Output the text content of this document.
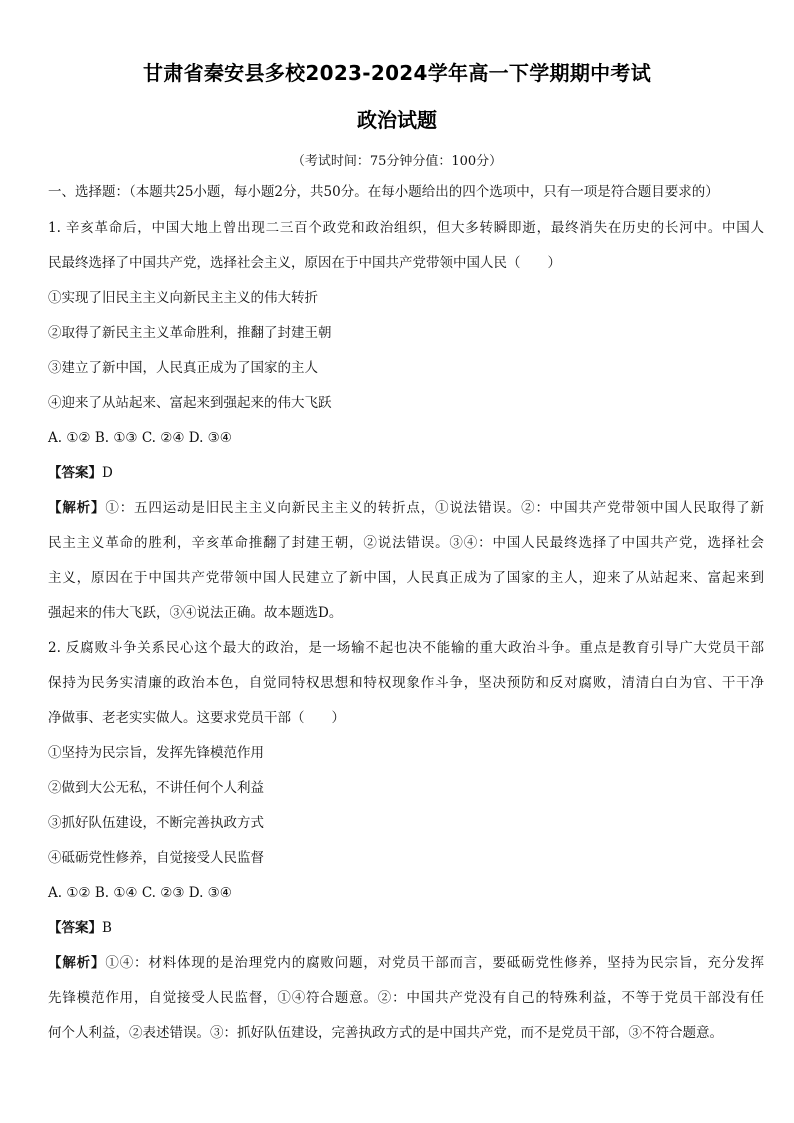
甘肃省秦安县多校2023-2024学年高一下学期期中考试
政治试题
（考试时间：75分钟分值：100分）
一、选择题：（本题共25小题，每小题2分，共50分。在每小题给出的四个选项中，只有一项是符合题目要求的）
1. 辛亥革命后，中国大地上曾出现二三百个政党和政治组织，但大多转瞬即逝，最终消失在历史的长河中。中国人
民最终选择了中国共产党，选择社会主义，原因在于中国共产党带领中国人民（　　）
①实现了旧民主主义向新民主主义的伟大转折
②取得了新民主主义革命胜利，推翻了封建王朝
③建立了新中国，人民真正成为了国家的主人
④迎来了从站起来、富起来到强起来的伟大飞跃
A. ①② B. ①③ C. ②④ D. ③④
【答案】D
【解析】①：五四运动是旧民主主义向新民主主义的转折点，①说法错误。②：中国共产党带领中国人民取得了新
民主主义革命的胜利，辛亥革命推翻了封建王朝，②说法错误。③④：中国人民最终选择了中国共产党，选择社会
主义，原因在于中国共产党带领中国人民建立了新中国，人民真正成为了国家的主人，迎来了从站起来、富起来到
强起来的伟大飞跃，③④说法正确。故本题选D。
2. 反腐败斗争关系民心这个最大的政治，是一场输不起也决不能输的重大政治斗争。重点是教育引导广大党员干部
保持为民务实清廉的政治本色，自觉同特权思想和特权现象作斗争，坚决预防和反对腐败，清清白白为官、干干净
净做事、老老实实做人。这要求党员干部（　　）
①坚持为民宗旨，发挥先锋模范作用
②做到大公无私，不讲任何个人利益
③抓好队伍建设，不断完善执政方式
④砥砺党性修养，自觉接受人民监督
A. ①② B. ①④ C. ②③ D. ③④
【答案】B
【解析】①④：材料体现的是治理党内的腐败问题，对党员干部而言，要砥砺党性修养，坚持为民宗旨，充分发挥
先锋模范作用，自觉接受人民监督，①④符合题意。②：中国共产党没有自己的特殊利益，不等于党员干部没有任
何个人利益，②表述错误。③：抓好队伍建设，完善执政方式的是中国共产党，而不是党员干部，③不符合题意。
